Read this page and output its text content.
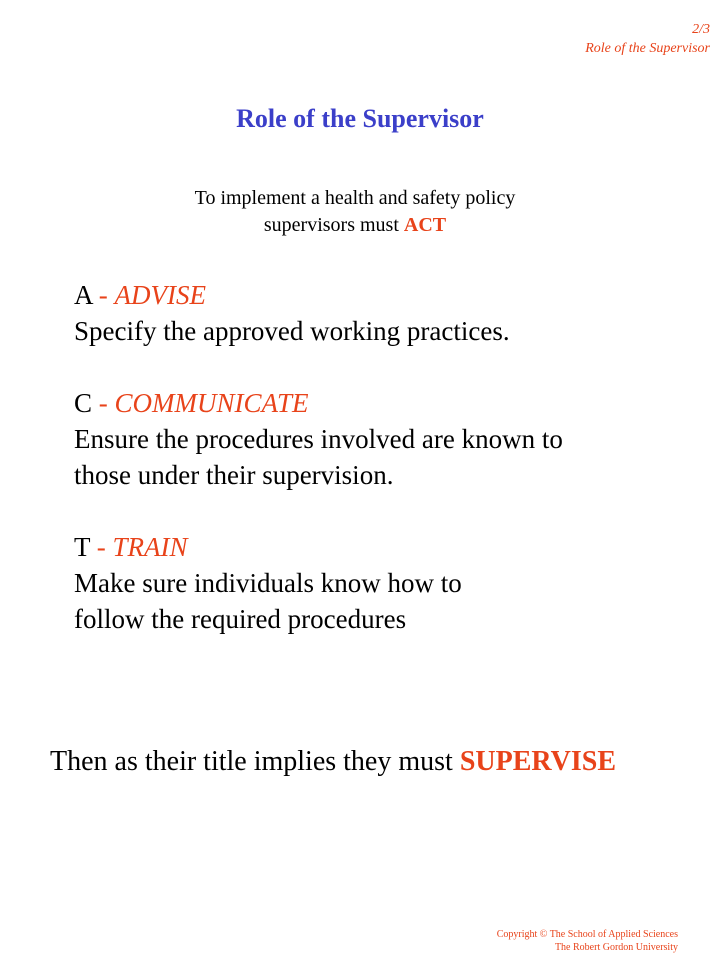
2/3
Role of the Supervisor
Role of the Supervisor
To implement a health and safety policy
supervisors must ACT
A - ADVISE
Specify the approved working practices.
C - COMMUNICATE
Ensure the procedures involved are known to
those under their supervision.
T - TRAIN
Make sure individuals know how to
follow the required procedures
Then as their title implies they must SUPERVISE
Copyright © The School of Applied Sciences
The Robert Gordon University
